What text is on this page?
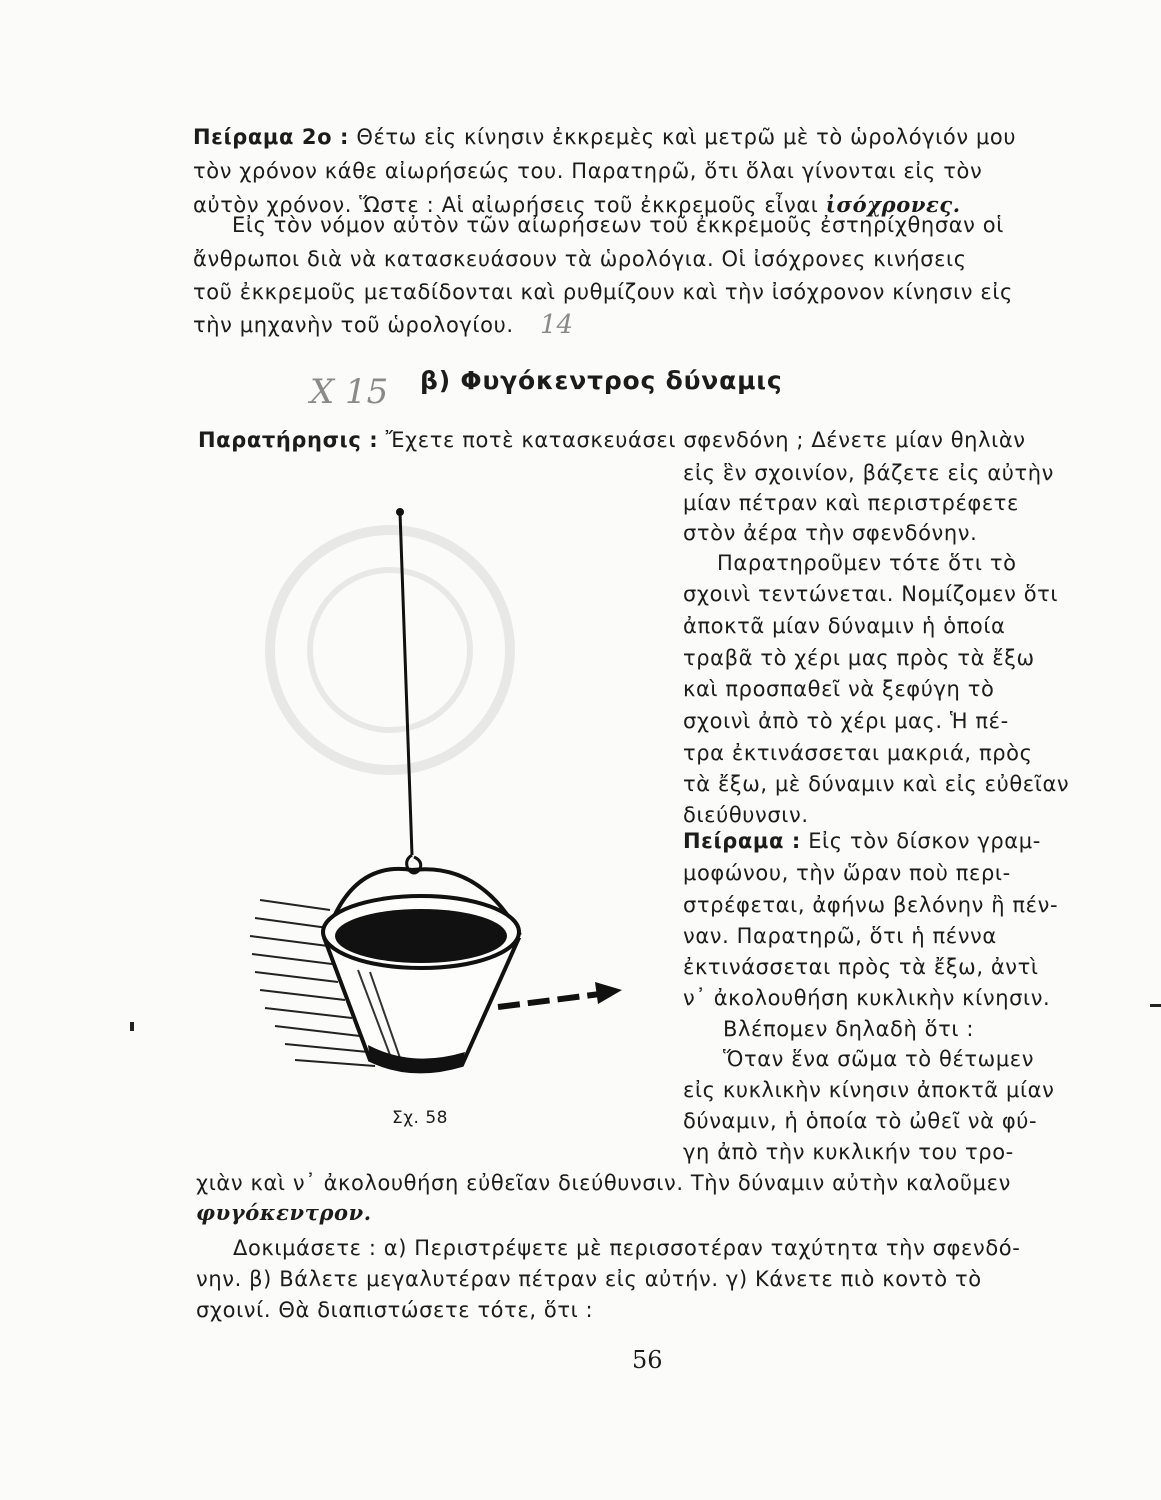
Πείραμα 2ο : Θέτω εἰς κίνησιν ἐκκρεμὲς καὶ μετρῶ μὲ τὸ ὡρολόγιόν μου
τὸν χρόνον κάθε αἰωρήσεώς του. Παρατηρῶ, ὅτι ὅλαι γίνονται εἰς τὸν
αὐτὸν χρόνον. Ὥστε : Αἱ αἰωρήσεις τοῦ ἐκκρεμοῦς εἶναι ἰσόχρονες.
Εἰς τὸν νόμον αὐτὸν τῶν αἰωρήσεων τοῦ ἐκκρεμοῦς ἐστηρίχθησαν οἱ
ἄνθρωποι διὰ νὰ κατασκευάσουν τὰ ὡρολόγια. Οἱ ἰσόχρονες κινήσεις
τοῦ ἐκκρεμοῦς μεταδίδονται καὶ ρυθμίζουν καὶ τὴν ἰσόχρονον κίνησιν εἰς
τὴν μηχανὴν τοῦ ὡρολογίου. 14
X 15 β) Φυγόκεντρος δύναμις
Παρατήρησις : Ἔχετε ποτὲ κατασκευάσει σφενδόνη ; Δένετε μίαν θηλιὰν
εἰς ἓν σχοινίον, βάζετε εἰς αὐτὴν
μίαν πέτραν καὶ περιστρέφετε
στὸν ἀέρα τὴν σφενδόνην.
Παρατηροῦμεν τότε ὅτι τὸ
σχοινὶ τεντώνεται. Νομίζομεν ὅτι
ἀποκτᾶ μίαν δύναμιν ἡ ὁποία
τραβᾶ τὸ χέρι μας πρὸς τὰ ἔξω
καὶ προσπαθεῖ νὰ ξεφύγη τὸ
σχοινὶ ἀπὸ τὸ χέρι μας. Ἡ πέ-
τρα ἐκτινάσσεται μακριά, πρὸς
τὰ ἔξω, μὲ δύναμιν καὶ εἰς εὐθεῖαν
διεύθυνσιν.
Πείραμα : Εἰς τὸν δίσκον γραμ-
μοφώνου, τὴν ὥραν ποὺ περι-
στρέφεται, ἀφήνω βελόνην ἢ πέν-
ναν. Παρατηρῶ, ὅτι ἡ πέννα
ἐκτινάσσεται πρὸς τὰ ἔξω, ἀντὶ
ν᾽ ἀκολουθήση κυκλικὴν κίνησιν.
Βλέπομεν δηλαδὴ ὅτι :
Ὅταν ἕνα σῶμα τὸ θέτωμεν
εἰς κυκλικὴν κίνησιν ἀποκτᾶ μίαν
δύναμιν, ἡ ὁποία τὸ ὠθεῖ νὰ φύ-
γη ἀπὸ τὴν κυκλικήν του τρο-
χιὰν καὶ ν᾽ ἀκολουθήση εὐθεῖαν διεύθυνσιν. Τὴν δύναμιν αὐτὴν καλοῦμεν
φυγόκεντρον.
Δοκιμάσετε : α) Περιστρέψετε μὲ περισσοτέραν ταχύτητα τὴν σφενδό-
νην. β) Βάλετε μεγαλυτέραν πέτραν εἰς αὐτήν. γ) Κάνετε πιὸ κοντὸ τὸ
σχοινί. Θὰ διαπιστώσετε τότε, ὅτι :
Σχ. 58
56
